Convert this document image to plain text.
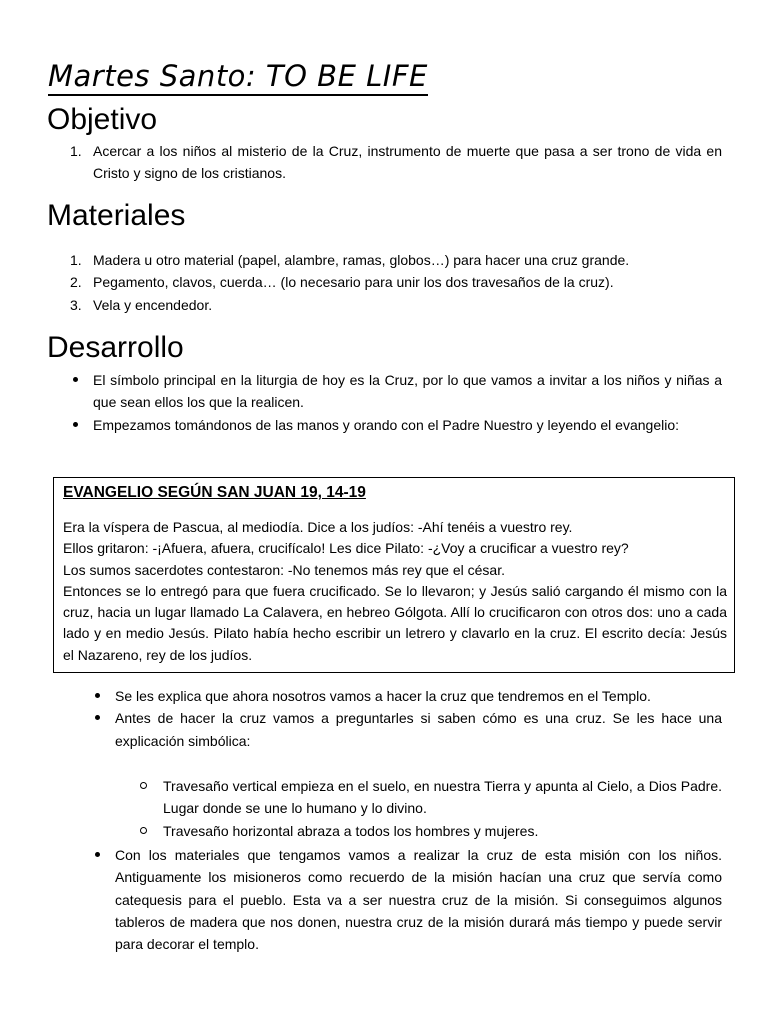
Martes Santo: TO BE LIFE
Objetivo
1. Acercar a los niños al misterio de la Cruz, instrumento de muerte que pasa a ser trono de vida en Cristo y signo de los cristianos.
Materiales
1. Madera u otro material (papel, alambre, ramas, globos…) para hacer una cruz grande.
2. Pegamento, clavos, cuerda… (lo necesario para unir los dos travesaños de la cruz).
3. Vela y encendedor.
Desarrollo
El símbolo principal en la liturgia de hoy es la Cruz, por lo que vamos a invitar a los niños y niñas a que sean ellos los que la realicen.
Empezamos tomándonos de las manos y orando con el Padre Nuestro y leyendo el evangelio:
EVANGELIO SEGÚN SAN JUAN 19, 14-19

Era la víspera de Pascua, al mediodía. Dice a los judíos: -Ahí tenéis a vuestro rey.
Ellos gritaron: -¡Afuera, afuera, crucifícalo! Les dice Pilato: -¿Voy a crucificar a vuestro rey?
Los sumos sacerdotes contestaron: -No tenemos más rey que el césar.
Entonces se lo entregó para que fuera crucificado. Se lo llevaron; y Jesús salió cargando él mismo con la cruz, hacia un lugar llamado La Calavera, en hebreo Gólgota. Allí lo crucificaron con otros dos: uno a cada lado y en medio Jesús. Pilato había hecho escribir un letrero y clavarlo en la cruz. El escrito decía: Jesús el Nazareno, rey de los judíos.

Se les explica que ahora nosotros vamos a hacer la cruz que tendremos en el Templo.
Antes de hacer la cruz vamos a preguntarles si saben cómo es una cruz. Se les hace una explicación simbólica:
Travesaño vertical empieza en el suelo, en nuestra Tierra y apunta al Cielo, a Dios Padre. Lugar donde se une lo humano y lo divino.
Travesaño horizontal abraza a todos los hombres y mujeres.
Con los materiales que tengamos vamos a realizar la cruz de esta misión con los niños. Antiguamente los misioneros como recuerdo de la misión hacían una cruz que servía como catequesis para el pueblo. Esta va a ser nuestra cruz de la misión. Si conseguimos algunos tableros de madera que nos donen, nuestra cruz de la misión durará más tiempo y puede servir para decorar el templo.
